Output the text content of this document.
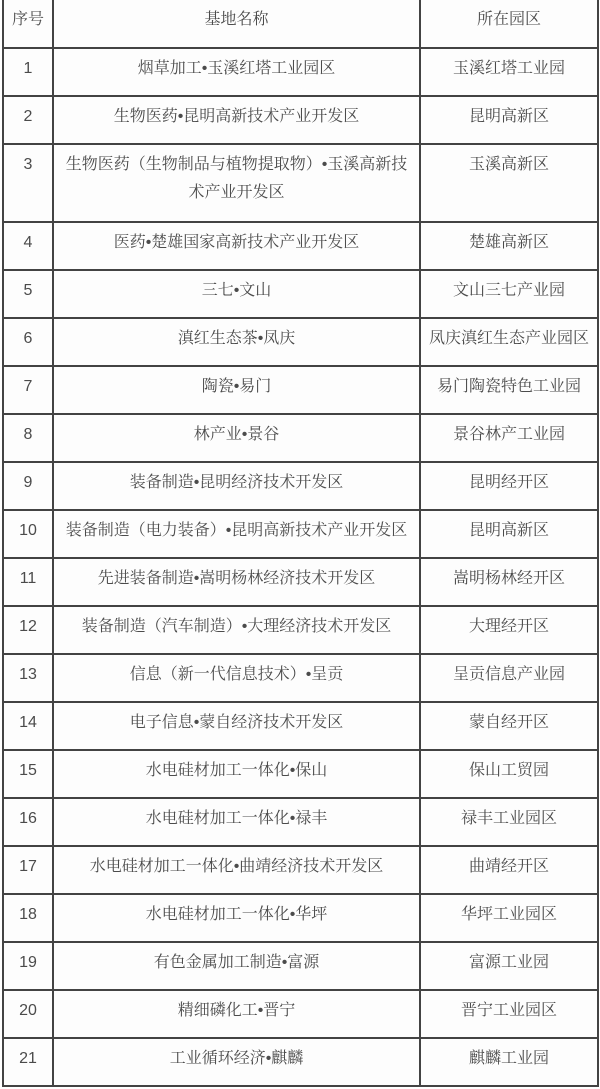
序号	基地名称	所在园区
1	烟草加工•玉溪红塔工业园区	玉溪红塔工业园
2	生物医药•昆明高新技术产业开发区	昆明高新区
3	生物医药（生物制品与植物提取物）•玉溪高新技术产业开发区	玉溪高新区
4	医药•楚雄国家高新技术产业开发区	楚雄高新区
5	三七•文山	文山三七产业园
6	滇红生态茶•凤庆	凤庆滇红生态产业园区
7	陶瓷•易门	易门陶瓷特色工业园
8	林产业•景谷	景谷林产工业园
9	装备制造•昆明经济技术开发区	昆明经开区
10	装备制造（电力装备）•昆明高新技术产业开发区	昆明高新区
11	先进装备制造•嵩明杨林经济技术开发区	嵩明杨林经开区
12	装备制造（汽车制造）•大理经济技术开发区	大理经开区
13	信息（新一代信息技术）•呈贡	呈贡信息产业园
14	电子信息•蒙自经济技术开发区	蒙自经开区
15	水电硅材加工一体化•保山	保山工贸园
16	水电硅材加工一体化•禄丰	禄丰工业园区
17	水电硅材加工一体化•曲靖经济技术开发区	曲靖经开区
18	水电硅材加工一体化•华坪	华坪工业园区
19	有色金属加工制造•富源	富源工业园
20	精细磷化工•晋宁	晋宁工业园区
21	工业循环经济•麒麟	麒麟工业园
